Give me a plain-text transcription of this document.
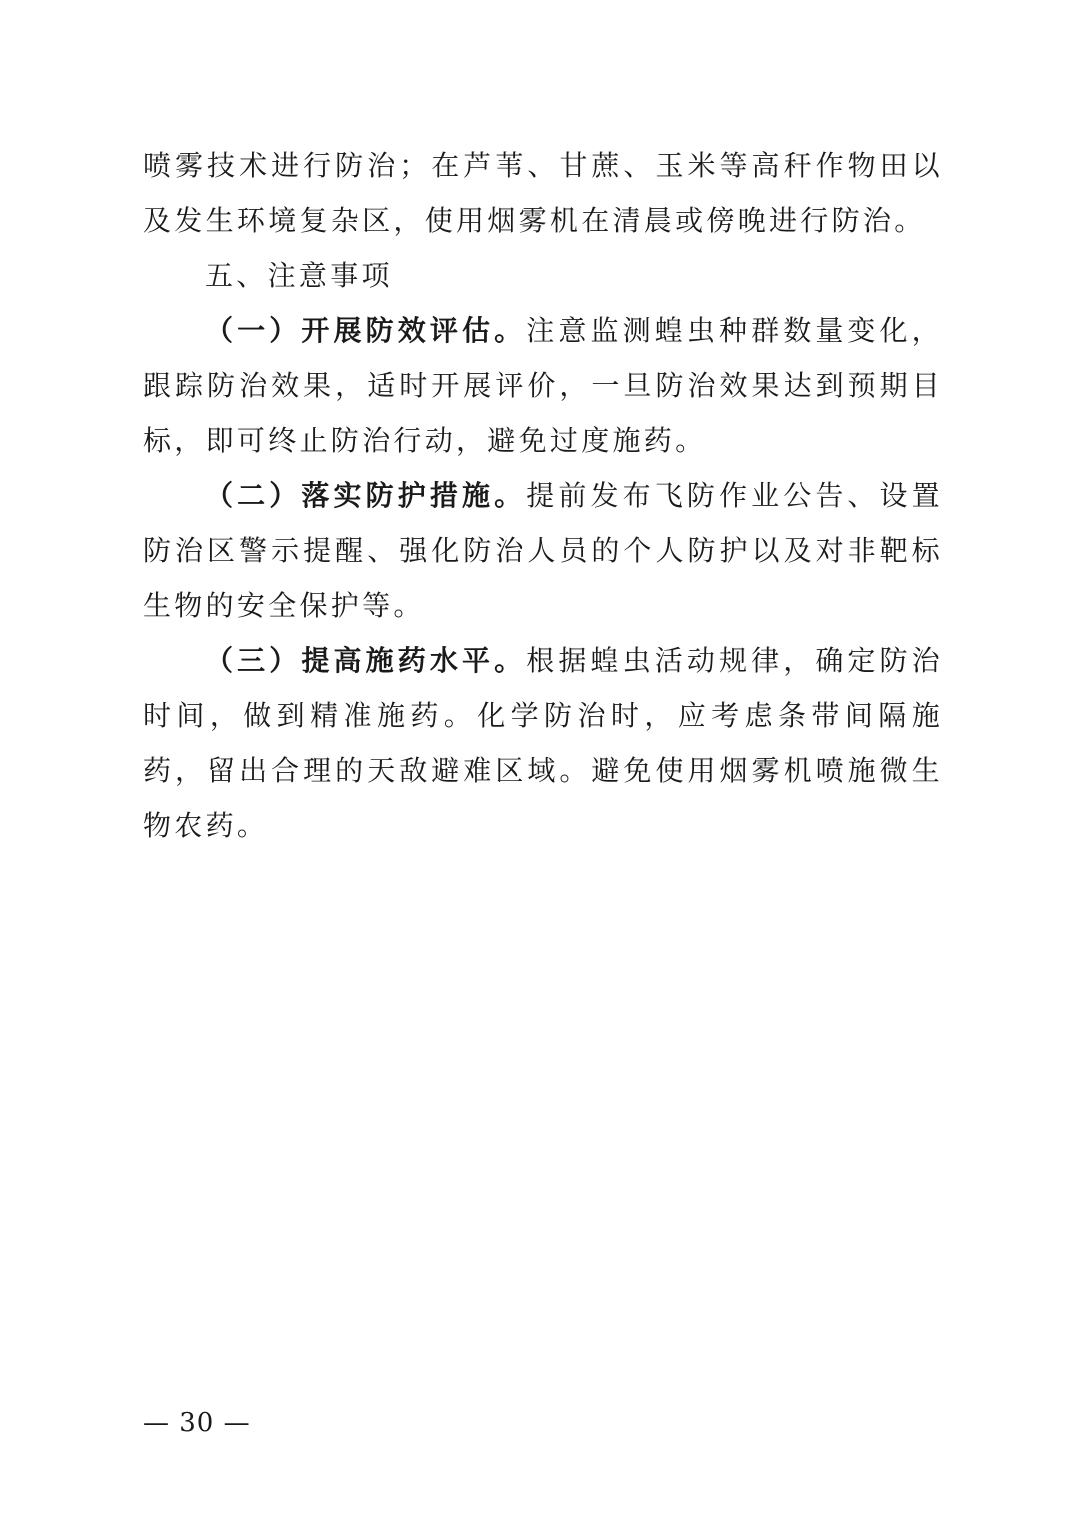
喷雾技术进行防治；在芦苇、甘蔗、玉米等高秆作物田以及发生环境复杂区，使用烟雾机在清晨或傍晚进行防治。

五、注意事项

（一）开展防效评估。注意监测蝗虫种群数量变化，跟踪防治效果，适时开展评价，一旦防治效果达到预期目标，即可终止防治行动，避免过度施药。

（二）落实防护措施。提前发布飞防作业公告、设置防治区警示提醒、强化防治人员的个人防护以及对非靶标生物的安全保护等。

（三）提高施药水平。根据蝗虫活动规律，确定防治时间，做到精准施药。化学防治时，应考虑条带间隔施药，留出合理的天敌避难区域。避免使用烟雾机喷施微生物农药。

— 30 —
